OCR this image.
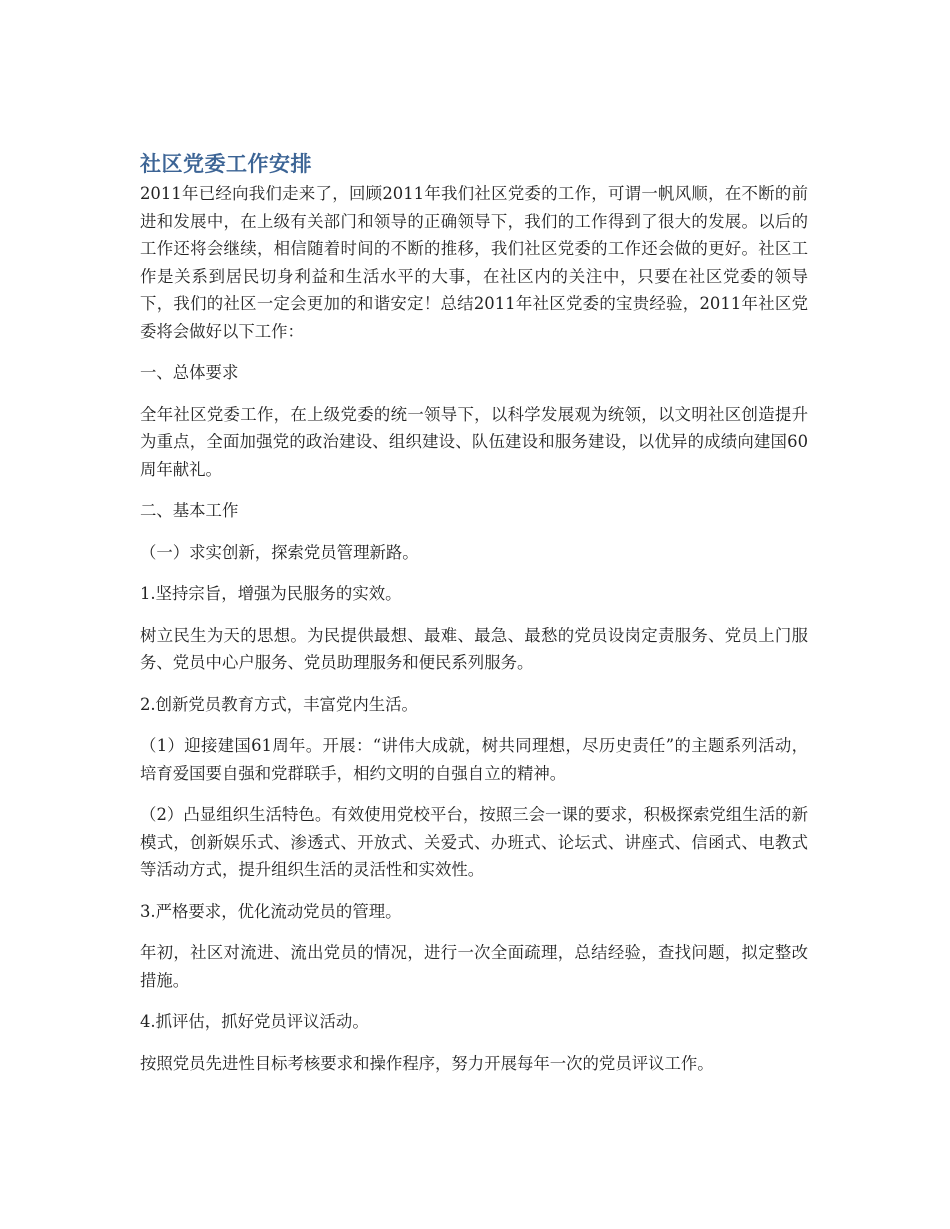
社区党委工作安排

2011年已经向我们走来了，回顾2011年我们社区党委的工作，可谓一帆风顺，在不断的前进和发展中，在上级有关部门和领导的正确领导下，我们的工作得到了很大的发展。以后的工作还将会继续，相信随着时间的不断的推移，我们社区党委的工作还会做的更好。社区工作是关系到居民切身利益和生活水平的大事，在社区内的关注中，只要在社区党委的领导下，我们的社区一定会更加的和谐安定！总结2011年社区党委的宝贵经验，2011年社区党委将会做好以下工作：

一、总体要求

全年社区党委工作，在上级党委的统一领导下，以科学发展观为统领，以文明社区创造提升为重点，全面加强党的政治建设、组织建设、队伍建设和服务建设，以优异的成绩向建国60周年献礼。

二、基本工作

（一）求实创新，探索党员管理新路。

1.坚持宗旨，增强为民服务的实效。

树立民生为天的思想。为民提供最想、最难、最急、最愁的党员设岗定责服务、党员上门服务、党员中心户服务、党员助理服务和便民系列服务。

2.创新党员教育方式，丰富党内生活。

（1）迎接建国61周年。开展：“讲伟大成就，树共同理想，尽历史责任”的主题系列活动，培育爱国要自强和党群联手，相约文明的自强自立的精神。

（2）凸显组织生活特色。有效使用党校平台，按照三会一课的要求，积极探索党组生活的新模式，创新娱乐式、渗透式、开放式、关爱式、办班式、论坛式、讲座式、信函式、电教式等活动方式，提升组织生活的灵活性和实效性。

3.严格要求，优化流动党员的管理。

年初，社区对流进、流出党员的情况，进行一次全面疏理，总结经验，查找问题，拟定整改措施。

4.抓评估，抓好党员评议活动。

按照党员先进性目标考核要求和操作程序，努力开展每年一次的党员评议工作。
